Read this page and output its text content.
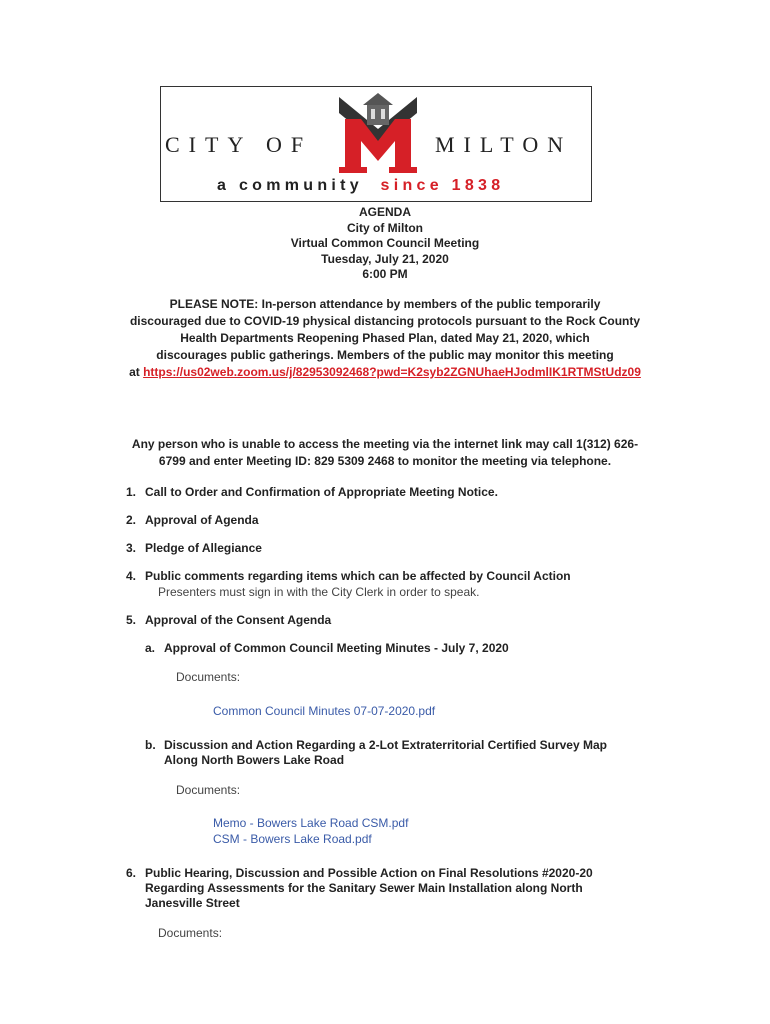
CITY OF	MILTON
a community since 1838
AGENDA
City of Milton
Virtual Common Council Meeting
Tuesday, July 21, 2020
6:00 PM
PLEASE NOTE: In-person attendance by members of the public temporarily
discouraged due to COVID-19 physical distancing protocols pursuant to the Rock County
Health Departments Reopening Phased Plan, dated May 21, 2020, which
discourages public gatherings. Members of the public may monitor this meeting
at https://us02web.zoom.us/j/82953092468?pwd=K2syb2ZGNUhaeHJodmlIK1RTMStUdz09
Any person who is unable to access the meeting via the internet link may call 1(312) 626-
6799 and enter Meeting ID: 829 5309 2468 to monitor the meeting via telephone.
1. Call to Order and Confirmation of Appropriate Meeting Notice.
2. Approval of Agenda
3. Pledge of Allegiance
4. Public comments regarding items which can be affected by Council Action
Presenters must sign in with the City Clerk in order to speak.
5. Approval of the Consent Agenda
a. Approval of Common Council Meeting Minutes - July 7, 2020
Documents:
Common Council Minutes 07-07-2020.pdf
b. Discussion and Action Regarding a 2-Lot Extraterritorial Certified Survey Map
Along North Bowers Lake Road
Documents:
Memo - Bowers Lake Road CSM.pdf
CSM - Bowers Lake Road.pdf
6. Public Hearing, Discussion and Possible Action on Final Resolutions #2020-20
Regarding Assessments for the Sanitary Sewer Main Installation along North
Janesville Street
Documents:
